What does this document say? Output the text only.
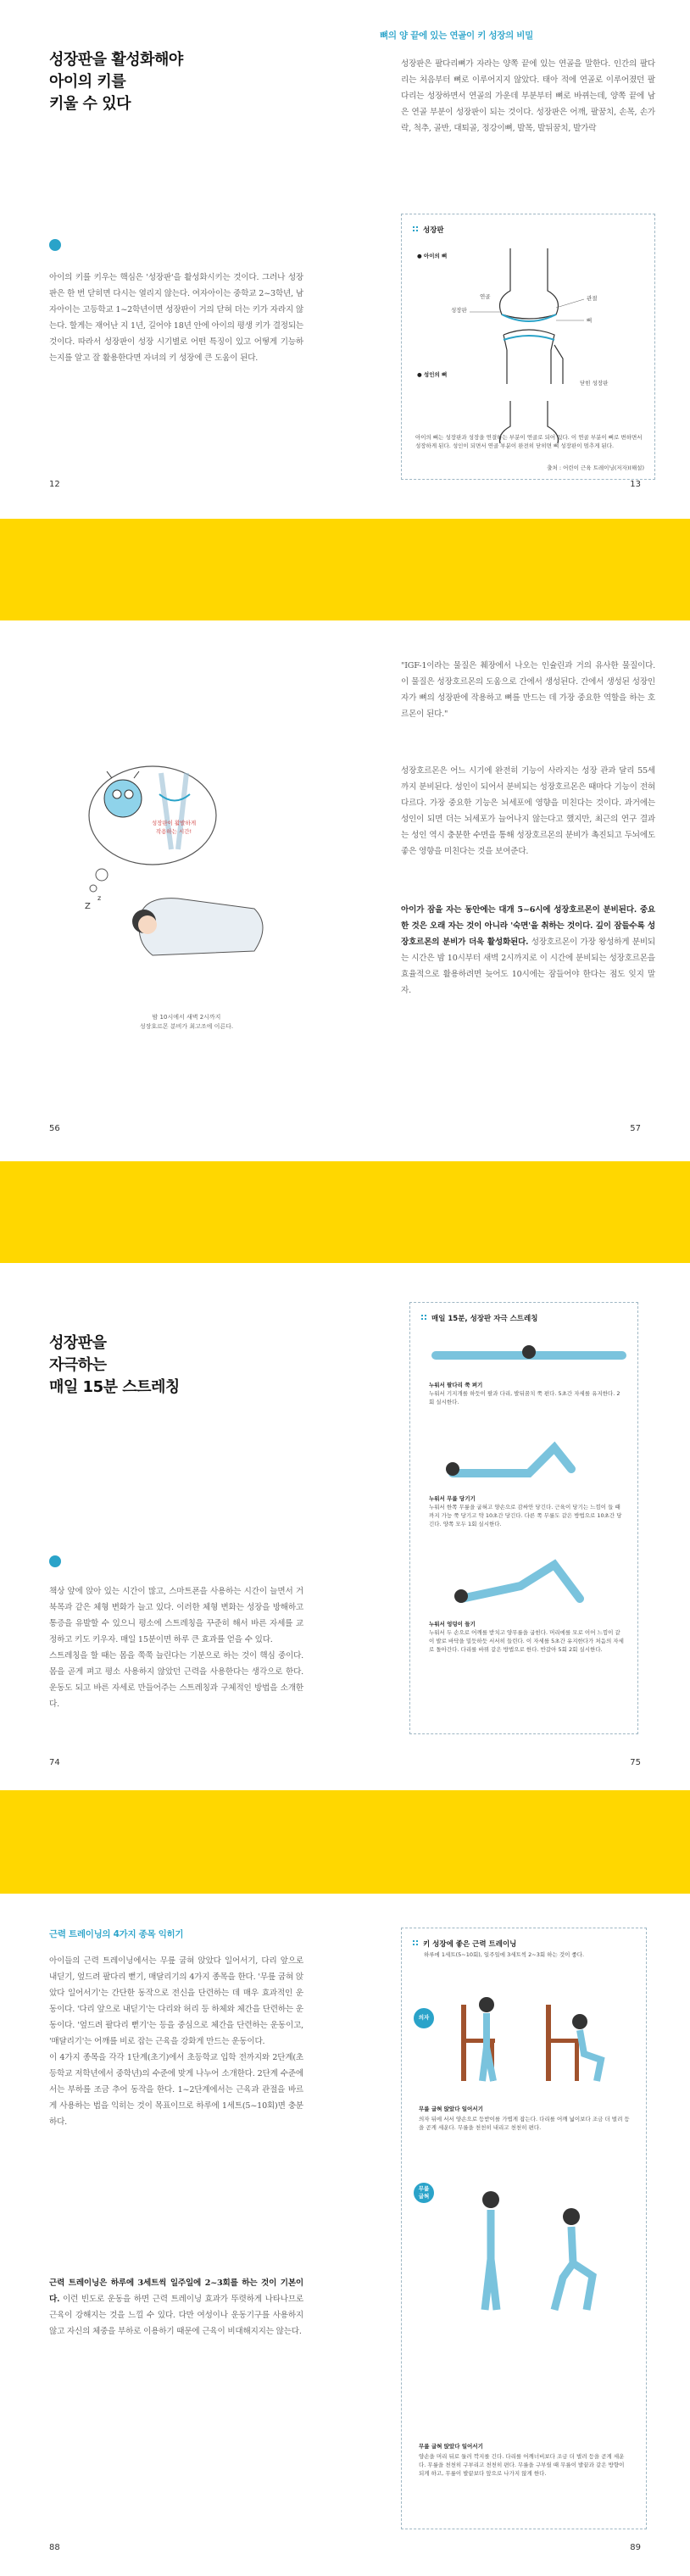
성장판을 활성화해야
아이의 키를
키울 수 있다
아이의 키를 키우는 핵심은 '성장판'을 활성화시키는 것이다. 그러나 성장판은 한 번 닫히면 다시는 열리지 않는다. 여자아이는 중학교 2~3학년, 남자아이는 고등학교 1~2학년이면 성장판이 거의 닫혀 더는 키가 자라지 않는다. 할게는 재어난 지 1년, 길어야 18년 안에 아이의 평생 키가 결정되는 것이다. 따라서 성장판이 성장 시기별로 어떤 특징이 있고 어떻게 기능하는지를 알고 잘 활용한다면 자녀의 키 성장에 큰 도움이 된다.
12
뼈의 양 끝에 있는 연골이 키 성장의 비밀
성장판은 팔다리뼈가 자라는 양쪽 끝에 있는 연골을 말한다. 인간의 팔다리는 처음부터 뼈로 이루어지지 않았다. 태아 적에 연골로 이루어졌던 팔다리는 성장하면서 연골의 가운데 부분부터 뼈로 바뀌는데, 양쪽 끝에 남은 연골 부분이 성장판이 되는 것이다. 성장판은 어깨, 팔꿈치, 손목, 손가락, 척추, 골반, 대퇴골, 정강이뼈, 발목, 발뒤꿈치, 발가락
성장판
● 아이의 뼈
성장판
연골	관절
뼈
● 성인의 뼈
닫힌 성장판
아이의 뼈는 성장판과 성장을 연결하는 부분이 연골로 되어 있다. 이 연골 부분이 뼈로 변하면서 성장하게 된다. 성인이 되면서 연골 부분이 완전히 닫히면 뼈 성장판이 멈추게 된다.
출처 : 어린이 근육 트레이닝(저자)(해설)
13
Z
z
성장판이 활발하게 작용하는 시간!
밤 10시에서 새벽 2시까지
성장호르몬 분비가 최고조에 이른다.
56
"IGF-1이라는 물질은 췌장에서 나오는 인슐린과 거의 유사한 물질이다. 이 물질은 성장호르몬의 도움으로 간에서 생성된다. 간에서 생성된 성장인자가 뼈의 성장판에 작용하고 뼈를 만드는 데 가장 중요한 역할을 하는 호르몬이 된다."
성장호르몬은 어느 시기에 완전히 기능이 사라지는 성장 관과 달리 55세까지 분비된다. 성인이 되어서 분비되는 성장호르몬은 때마다 기능이 전혀 다르다. 가장 중요한 기능은 뇌세포에 영향을 미친다는 것이다. 과거에는 성인이 되면 더는 뇌세포가 늘어나지 않는다고 했지만, 최근의 연구 결과는 성인 역시 충분한 수면을 통해 성장호르몬의 분비가 촉진되고 두뇌에도 좋은 영향을 미친다는 것을 보여준다.
아이가 잠을 자는 동안에는 대개 5~6시에 성장호르몬이 분비된다. 중요한 것은 오래 자는 것이 아니라 '숙면'을 취하는 것이다. 깊이 잠들수록 성장호르몬의 분비가 더욱 활성화된다. 성장호르몬이 가장 왕성하게 분비되는 시간은 밤 10시부터 새벽 2시까지로 이 시간에 분비되는 성장호르몬을 효율적으로 활용하려면 늦어도 10시에는 잠들어야 한다는 점도 잊지 말자.
57
성장판을
자극하는
매일 15분 스트레칭
책상 앞에 앉아 있는 시간이 많고, 스마트폰을 사용하는 시간이 늘면서 거북목과 같은 체형 변화가 늘고 있다. 이러한 체형 변화는 성장을 방해하고 통증을 유발할 수 있으니 평소에 스트레칭을 꾸준히 해서 바른 자세를 교정하고 키도 키우자. 매일 15분이면 하루 큰 효과를 얻을 수 있다.
스트레칭을 할 때는 몸을 쭉쭉 늘린다는 기분으로 하는 것이 핵심 중이다. 몸을 곧게 펴고 평소 사용하지 않았던 근력을 사용한다는 생각으로 한다. 운동도 되고 바른 자세로 만들어주는 스트레칭과 구체적인 방법을 소개한다.
74
매일 15분, 성장판 자극 스트레칭
누워서 팔다리 쭉 펴기
누워서 기지개를 하듯이 팔과 다리, 발뒤꿈치 쭉 편다. 5초간 자세를 유지한다. 2회 실시한다.
누워서 무릎 당기기
누워서 한쪽 무릎을 굽혀고 양손으로 감싸안 당긴다. 근육이 당기는 느낌이 들 때까지 가능 쭉 당기고 약 10초간 당긴다. 다른 쪽 무릎도 같은 방법으로 10초간 당긴다. 양쪽 모두 1회 실시한다.
누워서 엉덩이 들기
누워서 두 손으로 어깨를 받치고 양무릎을 굽힌다. 머리에를 모로 이어 느낌이 같이 발로 바닥을 밀듯하듯 서서히 들린다. 이 자세를 5초간 유지한다가 처음의 자세로 돌아간다. 다리를 바꿔 같은 방법으로 한다. 반갈아 5회 2회 실시한다.
75
근력 트레이닝의 4가지 종목 익히기
아이들의 근력 트레이닝에서는 무릎 굽혀 앉았다 일어서기, 다리 앞으로 내딛기, 엎드려 팔다리 뻗기, 매달리기의 4가지 종목을 한다. '무릎 굽혀 앉았다 일어서기'는 간단한 동작으로 전신을 단련하는 데 매우 효과적인 운동이다. '다리 앞으로 내딛기'는 다리와 허리 등 하체와 체간을 단련하는 운동이다. '엎드려 팔다리 뻗기'는 등을 중심으로 체간을 단련하는 운동이고, '매달리기'는 어깨를 비로 잡는 근육을 강화게 만드는 운동이다.
이 4가지 종목을 각각 1단계(초기)에서 초등학교 입학 전까지와 2단계(초등학교 저학년에서 중학년)의 수준에 맞게 나누어 소개한다. 2단계 수준에서는 부하를 조금 추어 동작을 한다. 1~2단계에서는 근육과 관절을 바르게 사용하는 법을 익히는 것이 목표이므로 하루에 1세트(5~10회)면 충분하다.
근력 트레이닝은 하루에 3세트씩 일주일에 2~3회를 하는 것이 기본이다. 이런 빈도로 운동을 하면 근력 트레이닝 효과가 뚜렷하게 나타나므로 근육이 강해지는 것을 느낄 수 있다. 다만 여성이나 운동기구를 사용하지 않고 자신의 체중을 부하로 이용하기 때문에 근육이 비대해지지는 않는다.
88
키 성장에 좋은 근력 트레이닝
하루에 1세트(5~10회), 일주일에 3세트씩 2~3회 하는 것이 좋다.
의자
무릎 굽혀 앉았다 일어서기
의자 뒤에 서서 양손으로 등받이를 가볍게 잡는다. 다리를 어깨 넓이보다 조금 더 벌려 등을 곧게 세운다. 무릎을 천천히 내리고 천천히 편다.
무릎
굽혀
무릎 굽혀 앉았다 일어서기
양손을 머리 뒤로 둘러 깍지를 긴다. 다리를 어깨너비보다 조금 더 벌려 등을 곧게 세운다. 무릎을 천천히 구부리고 천천히 편다. 무릎을 구부릴 때 무릎이 발끝과 같은 방향이 되게 하고, 무릎이 발끝보다 앞으로 나가지 않게 한다.
89
